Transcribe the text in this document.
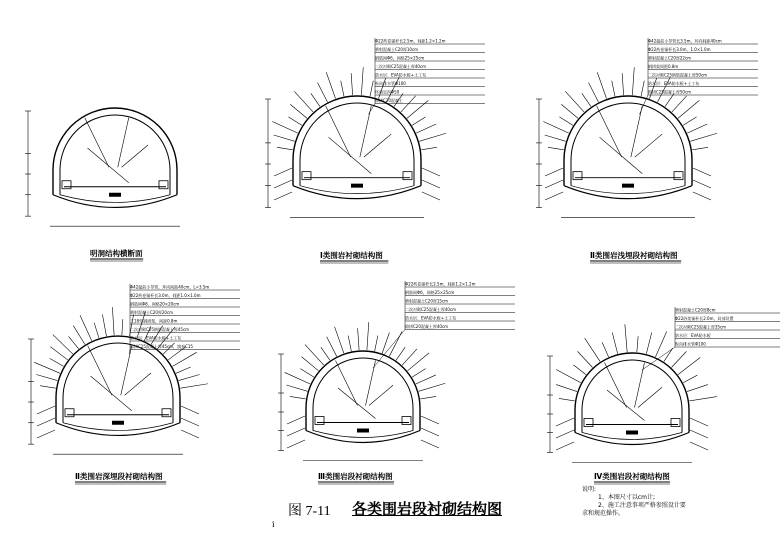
明洞结构横断面
Φ22药卷锚杆长2.5m，间距1.2×1.2m
喷射混凝土C20厚10cm
钢筋网Φ6，网格25×25cm
二次衬砌C25混凝土厚40cm
防水层：EVA防水板+土工布
纵向排水管Φ100
环向盲沟Φ50
仰拱C20混凝土
Ⅰ类围岩衬砌结构图
Φ42超前小导管长3.5m，环向间距40cm
Φ22药卷锚杆长3.0m，1.0×1.0m
喷射混凝土C20厚22cm
钢拱架间距0.8m
二次衬砌C25钢筋混凝土厚50cm
防水层：EVA防水板+土工布
仰拱C25混凝土厚50cm
Ⅱ类围岩浅埋段衬砌结构图
Φ42超前小导管，环向间距40cm，L=3.5m
Φ22药卷锚杆长3.0m，间距1.0×1.0m
钢筋网Φ8，网格20×20cm
喷射混凝土C20厚20cm
工18型钢拱架，间距0.8m
二次衬砌C25钢筋混凝土厚45cm
防水层：EVA防水板+土工布
仰拱C25混凝土厚45cm，填充C15
Ⅱ类围岩深埋段衬砌结构图
Φ22药卷锚杆长2.5m，间距1.2×1.2m
钢筋网Φ6，网格25×25cm
喷射混凝土C20厚15cm
二次衬砌C25混凝土厚40cm
防水层：EVA防水板+土工布
仰拱C20混凝土厚40cm
Ⅲ类围岩段衬砌结构图
喷射混凝土C20厚8cm
Φ22砂浆锚杆长2.0m，局部设置
二次衬砌C25混凝土厚35cm
防水层：EVA防水板
纵向排水管Φ100
Ⅳ类围岩段衬砌结构图
图 7-11 各类围岩段衬砌结构图
i
说明:
1、本图尺寸以cm计;
2、施工注意事项严格参照设计要
求和规范操作。
